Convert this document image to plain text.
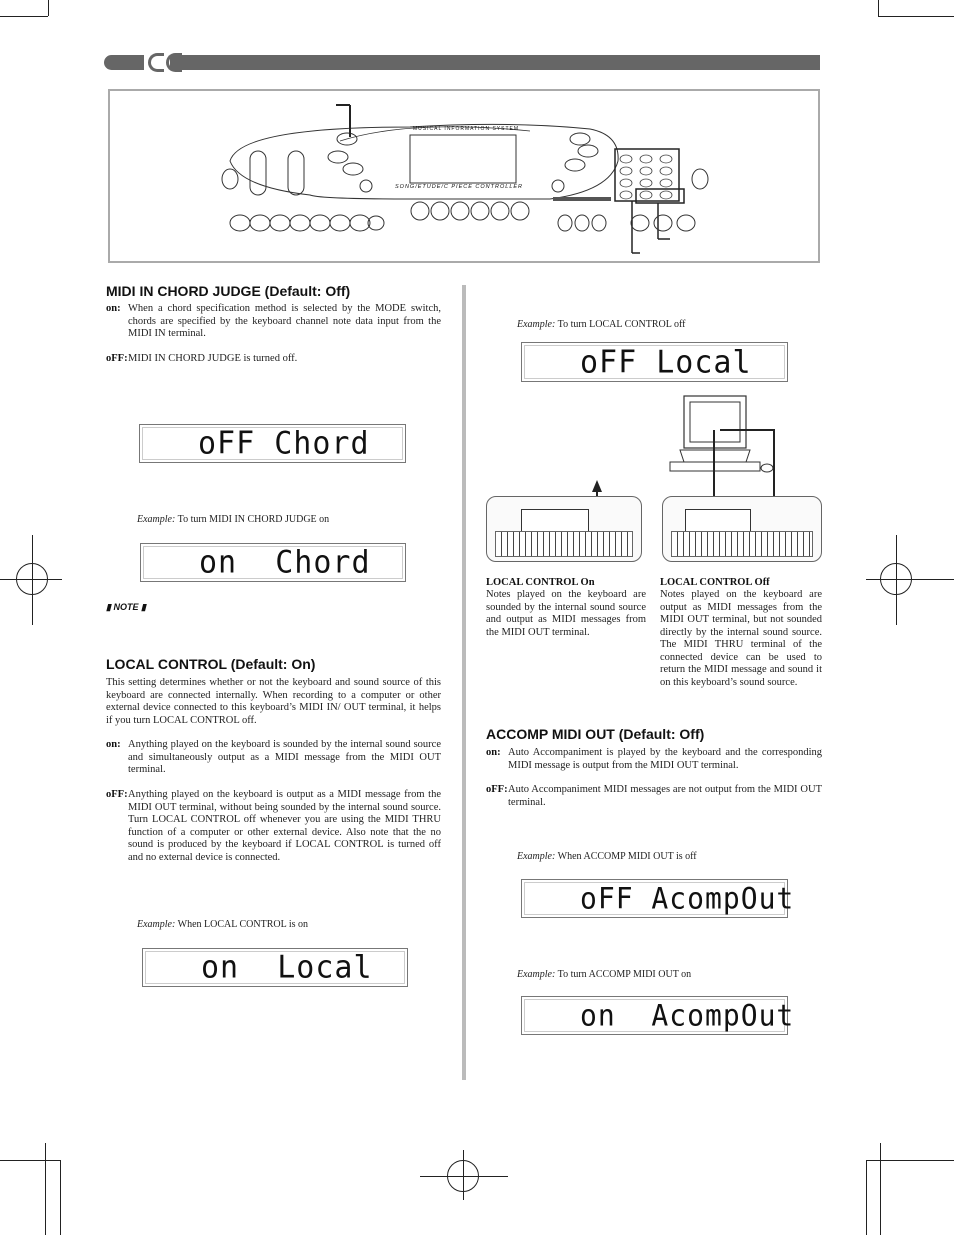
MUSICAL INFORMATION SYSTEM
SONG/ETUDE/C PIECE CONTROLLER
MIDI IN CHORD JUDGE (Default: Off)
on: When a chord specification method is selected by the MODE switch, chords are specified by the keyboard channel note data input from the MIDI IN terminal.
oFF: MIDI IN CHORD JUDGE is turned off.
oFF Chord
Example: To turn MIDI IN CHORD JUDGE on
on  Chord
▮ NOTE ▮
LOCAL CONTROL (Default: On)
This setting determines whether or not the keyboard and sound source of this keyboard are connected internally. When recording to a computer or other external device connected to this keyboard’s MIDI IN/ OUT terminal, it helps if you turn LOCAL CONTROL off.
on: Anything played on the keyboard is sounded by the internal sound source and simultaneously output as a MIDI message from the MIDI OUT terminal.
oFF: Anything played on the keyboard is output as a MIDI message from the MIDI OUT terminal, without being sounded by the internal sound source. Turn LOCAL CONTROL off whenever you are using the MIDI THRU function of a computer or other external device. Also note that the no sound is produced by the keyboard if LOCAL CONTROL is turned off and no external device is connected.
Example: When LOCAL CONTROL is on
on  Local
Example: To turn LOCAL CONTROL off
oFF Local
LOCAL CONTROL On
Notes played on the keyboard are sounded by the internal sound source and output as MIDI messages from the MIDI OUT terminal.
LOCAL CONTROL Off
Notes played on the keyboard are output as MIDI messages from the MIDI OUT terminal, but not sounded directly by the internal sound source. The MIDI THRU terminal of the connected device can be used to return the MIDI message and sound it on this keyboard’s sound source.
ACCOMP MIDI OUT (Default: Off)
on: Auto Accompaniment is played by the keyboard and the corresponding MIDI message is output from the MIDI OUT terminal.
oFF: Auto Accompaniment MIDI messages are not output from the MIDI OUT terminal.
Example: When ACCOMP MIDI OUT is off
oFF AcompOut
Example: To turn ACCOMP MIDI OUT on
on  AcompOut
